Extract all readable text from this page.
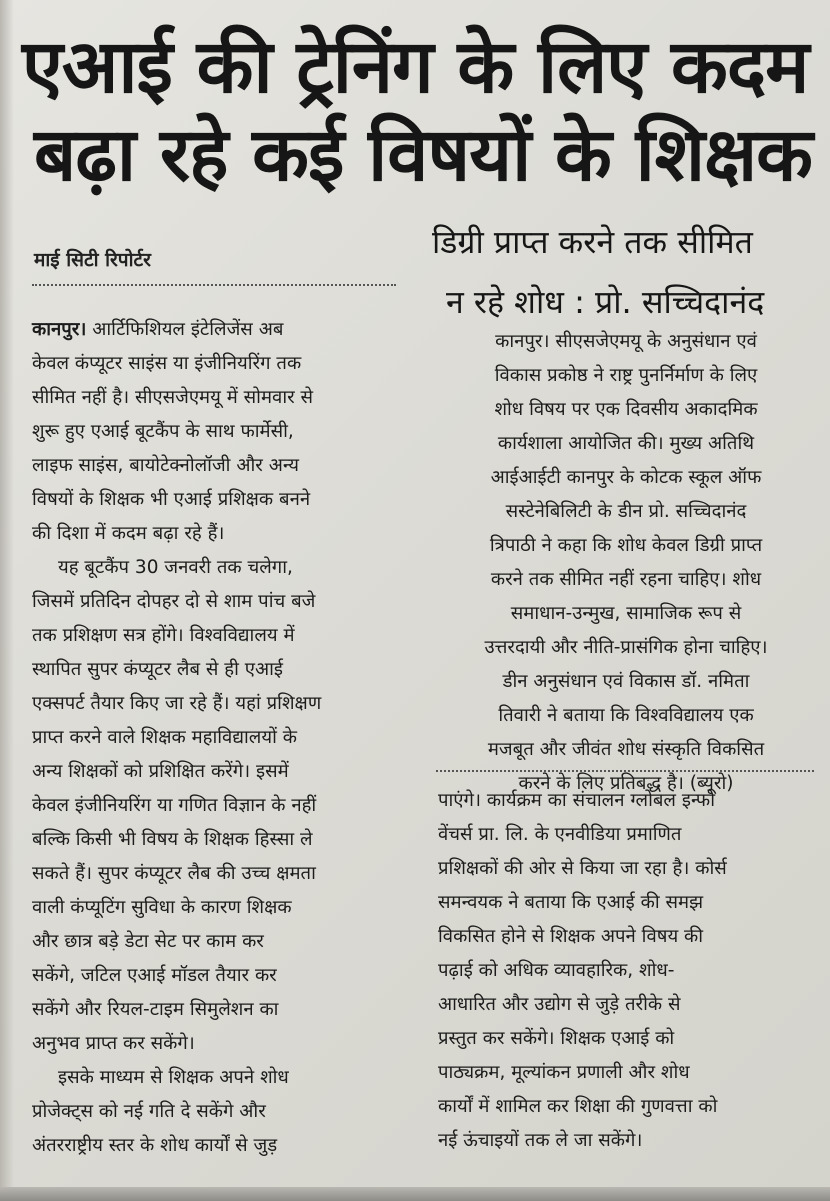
एआई की ट्रेनिंग के लिए कदम
बढ़ा रहे कई विषयों के शिक्षक
माई सिटी रिपोर्टर	डिग्री प्राप्त करने तक सीमित
न रहे शोध : प्रो. सच्चिदानंद
कानपुर। आर्टिफिशियल इंटेलिजेंस अब
केवल कंप्यूटर साइंस या इंजीनियरिंग तक
सीमित नहीं है। सीएसजेएमयू में सोमवार से
शुरू हुए एआई बूटकैंप के साथ फार्मेसी,
लाइफ साइंस, बायोटेक्नोलॉजी और अन्य
विषयों के शिक्षक भी एआई प्रशिक्षक बनने
की दिशा में कदम बढ़ा रहे हैं।
यह बूटकैंप 30 जनवरी तक चलेगा,
जिसमें प्रतिदिन दोपहर दो से शाम पांच बजे
तक प्रशिक्षण सत्र होंगे। विश्वविद्यालय में
स्थापित सुपर कंप्यूटर लैब से ही एआई
एक्सपर्ट तैयार किए जा रहे हैं। यहां प्रशिक्षण
प्राप्त करने वाले शिक्षक महाविद्यालयों के
अन्य शिक्षकों को प्रशिक्षित करेंगे। इसमें
केवल इंजीनियरिंग या गणित विज्ञान के नहीं
बल्कि किसी भी विषय के शिक्षक हिस्सा ले
सकते हैं। सुपर कंप्यूटर लैब की उच्च क्षमता
वाली कंप्यूटिंग सुविधा के कारण शिक्षक
और छात्र बड़े डेटा सेट पर काम कर
सकेंगे, जटिल एआई मॉडल तैयार कर
सकेंगे और रियल-टाइम सिमुलेशन का
अनुभव प्राप्त कर सकेंगे।
इसके माध्यम से शिक्षक अपने शोध
प्रोजेक्ट्स को नई गति दे सकेंगे और
अंतरराष्ट्रीय स्तर के शोध कार्यों से जुड़
कानपुर। सीएसजेएमयू के अनुसंधान एवं
विकास प्रकोष्ठ ने राष्ट्र पुनर्निर्माण के लिए
शोध विषय पर एक दिवसीय अकादमिक
कार्यशाला आयोजित की। मुख्य अतिथि
आईआईटी कानपुर के कोटक स्कूल ऑफ
सस्टेनेबिलिटी के डीन प्रो. सच्चिदानंद
त्रिपाठी ने कहा कि शोध केवल डिग्री प्राप्त
करने तक सीमित नहीं रहना चाहिए। शोध
समाधान-उन्मुख, सामाजिक रूप से
उत्तरदायी और नीति-प्रासंगिक होना चाहिए।
डीन अनुसंधान एवं विकास डॉ. नमिता
तिवारी ने बताया कि विश्वविद्यालय एक
मजबूत और जीवंत शोध संस्कृति विकसित
करने के लिए प्रतिबद्ध है। (ब्यूरो)
पाएंगे। कार्यक्रम का संचालन ग्लोबल इन्फो
वेंचर्स प्रा. लि. के एनवीडिया प्रमाणित
प्रशिक्षकों की ओर से किया जा रहा है। कोर्स
समन्वयक ने बताया कि एआई की समझ
विकसित होने से शिक्षक अपने विषय की
पढ़ाई को अधिक व्यावहारिक, शोध-
आधारित और उद्योग से जुड़े तरीके से
प्रस्तुत कर सकेंगे। शिक्षक एआई को
पाठ्यक्रम, मूल्यांकन प्रणाली और शोध
कार्यों में शामिल कर शिक्षा की गुणवत्ता को
नई ऊंचाइयों तक ले जा सकेंगे।
